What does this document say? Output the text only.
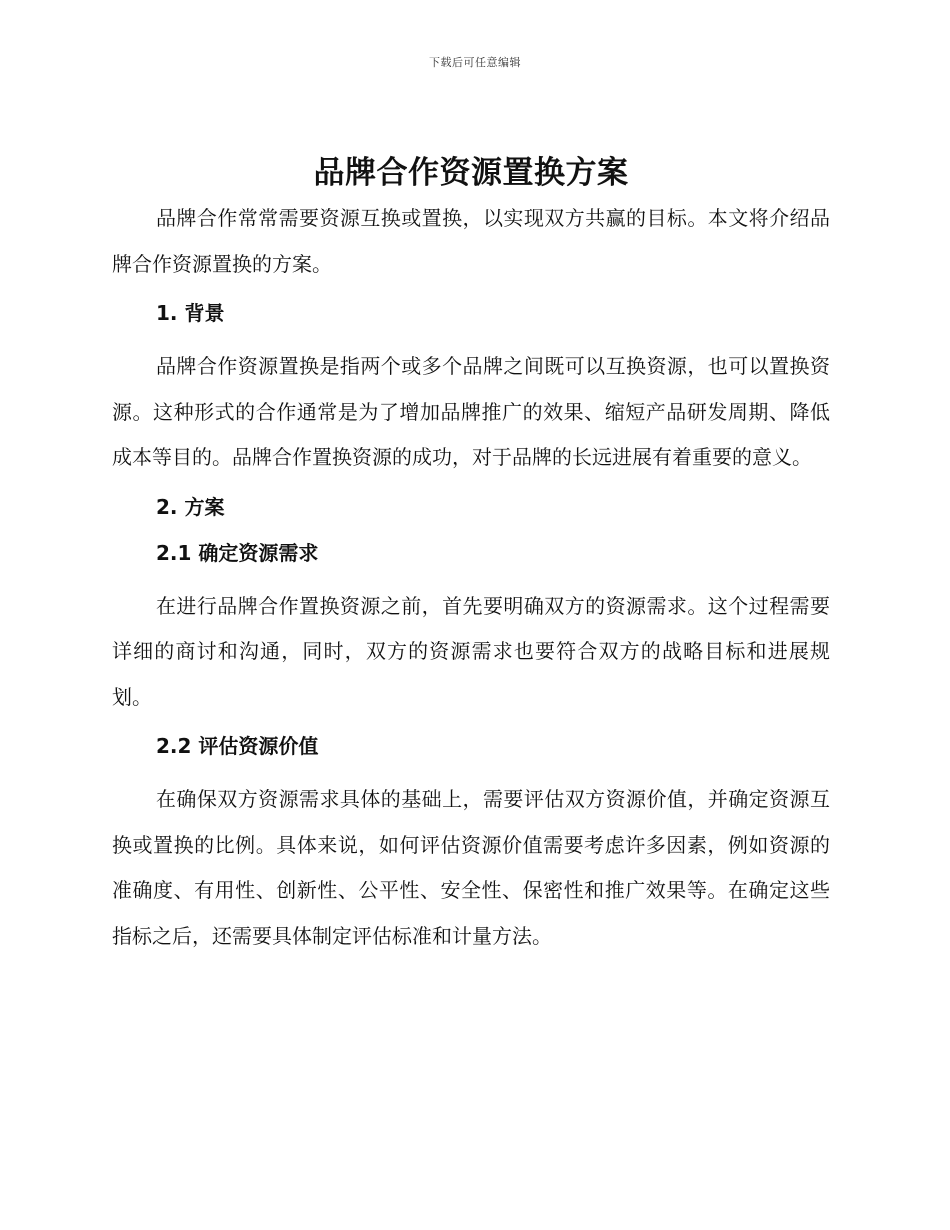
下载后可任意编辑
品牌合作资源置换方案

品牌合作常常需要资源互换或置换，以实现双方共赢的目标。本文将介绍品牌合作资源置换的方案。

1. 背景

品牌合作资源置换是指两个或多个品牌之间既可以互换资源，也可以置换资源。这种形式的合作通常是为了增加品牌推广的效果、缩短产品研发周期、降低成本等目的。品牌合作置换资源的成功，对于品牌的长远进展有着重要的意义。

2. 方案
2.1 确定资源需求

在进行品牌合作置换资源之前，首先要明确双方的资源需求。这个过程需要详细的商讨和沟通，同时，双方的资源需求也要符合双方的战略目标和进展规划。

2.2 评估资源价值

在确保双方资源需求具体的基础上，需要评估双方资源价值，并确定资源互换或置换的比例。具体来说，如何评估资源价值需要考虑许多因素，例如资源的准确度、有用性、创新性、公平性、安全性、保密性和推广效果等。在确定这些指标之后，还需要具体制定评估标准和计量方法。
